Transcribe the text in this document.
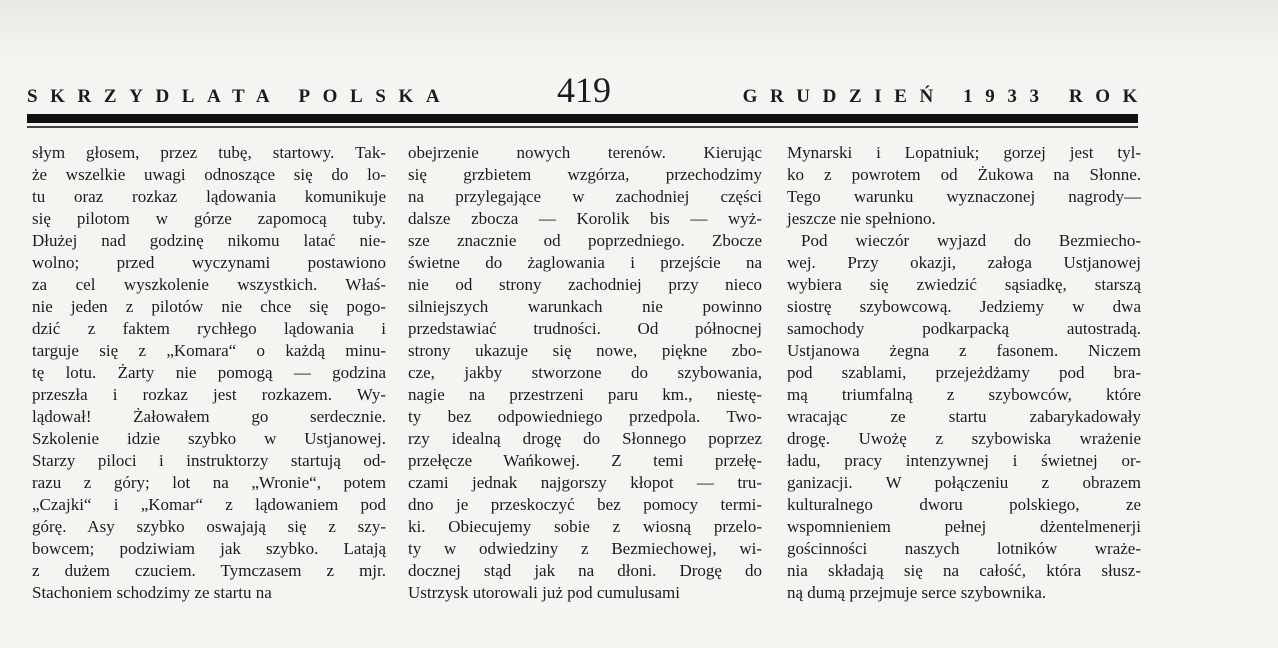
SKRZYDLATA POLSKA	419	GRUDZIEŃ 1933 ROK
słym głosem, przez tubę, startowy. Tak-
że wszelkie uwagi odnoszące się do lo-
tu oraz rozkaz lądowania komunikuje
się pilotom w górze zapomocą tuby.
Dłużej nad godzinę nikomu latać nie-
wolno; przed wyczynami postawiono
za cel wyszkolenie wszystkich. Właś-
nie jeden z pilotów nie chce się pogo-
dzić z faktem rychłego lądowania i
targuje się z „Komara“ o każdą minu-
tę lotu. Żarty nie pomogą — godzina
przeszła i rozkaz jest rozkazem. Wy-
lądował! Żałowałem go serdecznie.
Szkolenie idzie szybko w Ustjanowej.
Starzy piloci i instruktorzy startują od-
razu z góry; lot na „Wronie“, potem
„Czajki“ i „Komar“ z lądowaniem pod
górę. Asy szybko oswajają się z szy-
bowcem; podziwiam jak szybko. Latają
z dużem czuciem. Tymczasem z mjr.
Stachoniem schodzimy ze startu na
obejrzenie nowych terenów. Kierując
się grzbietem wzgórza, przechodzimy
na przylegające w zachodniej części
dalsze zbocza — Korolik bis — wyż-
sze znacznie od poprzedniego. Zbocze
świetne do żaglowania i przejście na
nie od strony zachodniej przy nieco
silniejszych warunkach nie powinno
przedstawiać trudności. Od północnej
strony ukazuje się nowe, piękne zbo-
cze, jakby stworzone do szybowania,
nagie na przestrzeni paru km., niestę-
ty bez odpowiedniego przedpola. Two-
rzy idealną drogę do Słonnego poprzez
przełęcze Wańkowej. Z temi przełę-
czami jednak najgorszy kłopot — tru-
dno je przeskoczyć bez pomocy termi-
ki. Obiecujemy sobie z wiosną przelo-
ty w odwiedziny z Bezmiechowej, wi-
docznej stąd jak na dłoni. Drogę do
Ustrzysk utorowali już pod cumulusami
Mynarski i Lopatniuk; gorzej jest tyl-
ko z powrotem od Żukowa na Słonne.
Tego warunku wyznaczonej nagrody—
jeszcze nie spełniono.
Pod wieczór wyjazd do Bezmiecho-
wej. Przy okazji, załoga Ustjanowej
wybiera się zwiedzić sąsiadkę, starszą
siostrę szybowcową. Jedziemy w dwa
samochody podkarpacką autostradą.
Ustjanowa żegna z fasonem. Niczem
pod szablami, przejeżdżamy pod bra-
mą triumfalną z szybowców, które
wracając ze startu zabarykadowały
drogę. Uwożę z szybowiska wrażenie
ładu, pracy intenzywnej i świetnej or-
ganizacji. W połączeniu z obrazem
kulturalnego dworu polskiego, ze
wspomnieniem pełnej dżentelmenerji
gościnności naszych lotników wraże-
nia składają się na całość, która słusz-
ną dumą przejmuje serce szybownika.
